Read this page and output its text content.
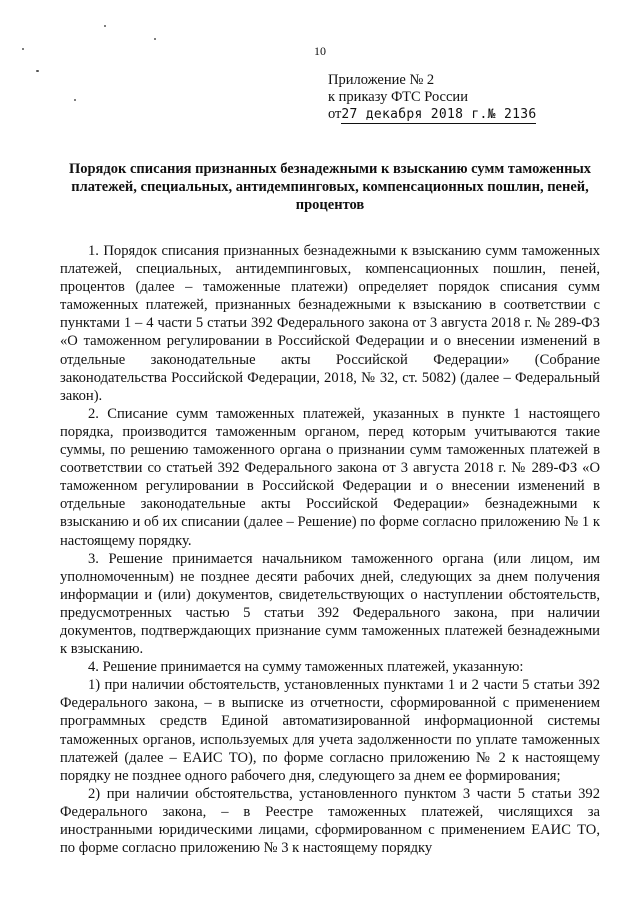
10
Приложение № 2
к приказу ФТС России
от27 декабря 2018 г.№ 2136
Порядок списания признанных безнадежными к взысканию сумм таможенных платежей, специальных, антидемпинговых, компенсационных пошлин, пеней, процентов

1. Порядок списания признанных безнадежными к взысканию сумм таможенных платежей, специальных, антидемпинговых, компенсационных пошлин, пеней, процентов (далее – таможенные платежи) определяет порядок списания сумм таможенных платежей, признанных безнадежными к взысканию в соответствии с пунктами 1 – 4 части 5 статьи 392 Федерального закона от 3 августа 2018 г. № 289-ФЗ «О таможенном регулировании в Российской Федерации и о внесении изменений в отдельные законодательные акты Российской Федерации» (Собрание законодательства Российской Федерации, 2018, № 32, ст. 5082) (далее – Федеральный закон).

2. Списание сумм таможенных платежей, указанных в пункте 1 настоящего порядка, производится таможенным органом, перед которым учитываются такие суммы, по решению таможенного органа о признании сумм таможенных платежей в соответствии со статьей 392 Федерального закона от 3 августа 2018 г. № 289-ФЗ «О таможенном регулировании в Российской Федерации и о внесении изменений в отдельные законодательные акты Российской Федерации» безнадежными к взысканию и об их списании (далее – Решение) по форме согласно приложению № 1 к настоящему порядку.

3. Решение принимается начальником таможенного органа (или лицом, им уполномоченным) не позднее десяти рабочих дней, следующих за днем получения информации и (или) документов, свидетельствующих о наступлении обстоятельств, предусмотренных частью 5 статьи 392 Федерального закона, при наличии документов, подтверждающих признание сумм таможенных платежей безнадежными к взысканию.

4. Решение принимается на сумму таможенных платежей, указанную:

1) при наличии обстоятельств, установленных пунктами 1 и 2 части 5 статьи 392 Федерального закона, – в выписке из отчетности, сформированной с применением программных средств Единой автоматизированной информационной системы таможенных органов, используемых для учета задолженности по уплате таможенных платежей (далее – ЕАИС ТО), по форме согласно приложению № 2 к настоящему порядку не позднее одного рабочего дня, следующего за днем ее формирования;

2) при наличии обстоятельства, установленного пунктом 3 части 5 статьи 392 Федерального закона, – в Реестре таможенных платежей, числящихся за иностранными юридическими лицами, сформированном с применением ЕАИС ТО, по форме согласно приложению № 3 к настоящему порядку
